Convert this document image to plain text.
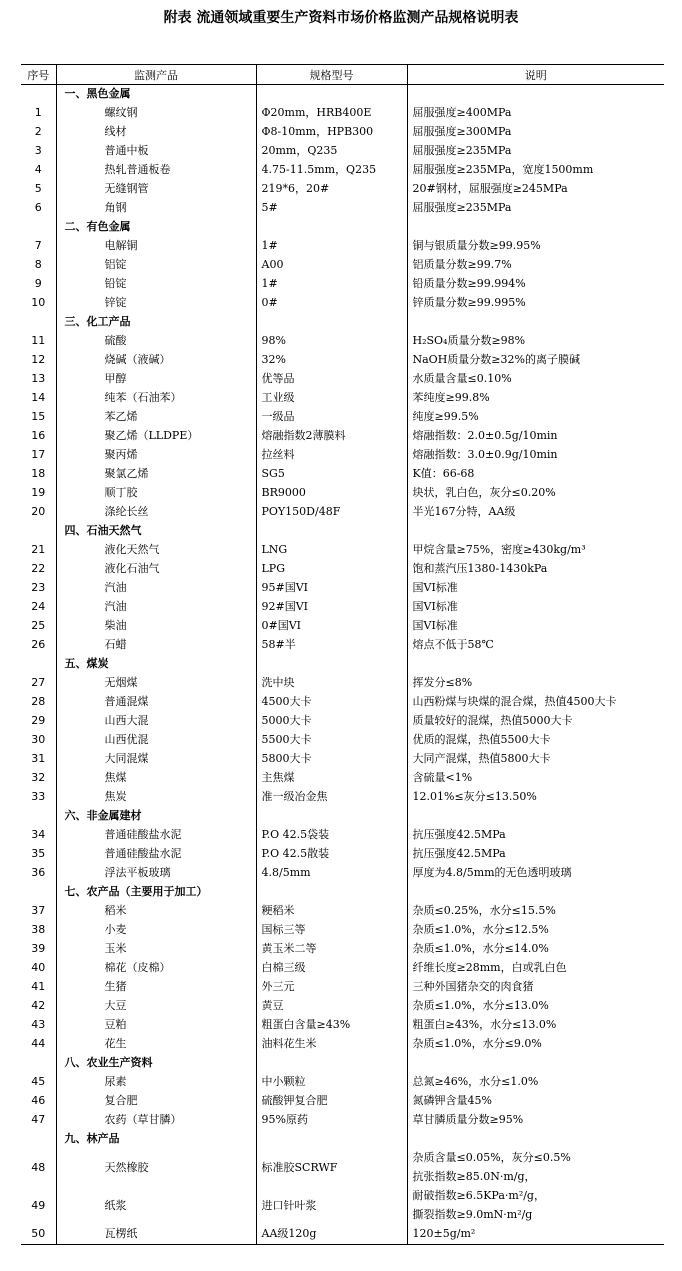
附表 流通领域重要生产资料市场价格监测产品规格说明表
序号	监测产品	规格型号	说明
	一、黑色金属		
1	螺纹钢	Φ20mm，HRB400E	屈服强度≥400MPa

2	线材	Φ8-10mm，HPB300	屈服强度≥300MPa

3	普通中板	20mm，Q235	屈服强度≥235MPa

4	热轧普通板卷	4.75-11.5mm，Q235	屈服强度≥235MPa，宽度1500mm

5	无缝钢管	219*6，20#	20#钢材，屈服强度≥245MPa

6	角钢	5#	屈服强度≥235MPa

	二、有色金属		
7	电解铜	1#	铜与银质量分数≥99.95%

8	铝锭	A00	铝质量分数≥99.7%

9	铅锭	1#	铅质量分数≥99.994%

10	锌锭	0#	锌质量分数≥99.995%

	三、化工产品		
11	硫酸	98%	H₂SO₄质量分数≥98%

12	烧碱（液碱）	32%	NaOH质量分数≥32%的离子膜碱

13	甲醇	优等品	水质量含量≤0.10%

14	纯苯（石油苯）	工业级	苯纯度≥99.8%

15	苯乙烯	一级品	纯度≥99.5%

16	聚乙烯（LLDPE）	熔融指数2薄膜料	熔融指数：2.0±0.5g/10min

17	聚丙烯	拉丝料	熔融指数：3.0±0.9g/10min

18	聚氯乙烯	SG5	K值：66-68

19	顺丁胶	BR9000	块状，乳白色，灰分≤0.20%

20	涤纶长丝	POY150D/48F	半光167分特，AA级

	四、石油天然气		
21	液化天然气	LNG	甲烷含量≥75%，密度≥430kg/m³

22	液化石油气	LPG	饱和蒸汽压1380-1430kPa

23	汽油	95#国VI	国VI标准

24	汽油	92#国VI	国VI标准

25	柴油	0#国VI	国VI标准

26	石蜡	58#半	熔点不低于58℃

	五、煤炭		
27	无烟煤	洗中块	挥发分≤8%

28	普通混煤	4500大卡	山西粉煤与块煤的混合煤，热值4500大卡

29	山西大混	5000大卡	质量较好的混煤，热值5000大卡

30	山西优混	5500大卡	优质的混煤，热值5500大卡

31	大同混煤	5800大卡	大同产混煤，热值5800大卡

32	焦煤	主焦煤	含硫量<1%

33	焦炭	准一级冶金焦	12.01%≤灰分≤13.50%

	六、非金属建材		
34	普通硅酸盐水泥	P.O 42.5袋装	抗压强度42.5MPa

35	普通硅酸盐水泥	P.O 42.5散装	抗压强度42.5MPa

36	浮法平板玻璃	4.8/5mm	厚度为4.8/5mm的无色透明玻璃

	七、农产品（主要用于加工）		
37	稻米	粳稻米	杂质≤0.25%，水分≤15.5%

38	小麦	国标三等	杂质≤1.0%，水分≤12.5%

39	玉米	黄玉米二等	杂质≤1.0%，水分≤14.0%

40	棉花（皮棉）	白棉三级	纤维长度≥28mm，白或乳白色

41	生猪	外三元	三种外国猪杂交的肉食猪

42	大豆	黄豆	杂质≤1.0%，水分≤13.0%

43	豆粕	粗蛋白含量≥43%	粗蛋白≥43%，水分≤13.0%

44	花生	油料花生米	杂质≤1.0%，水分≤9.0%

	八、农业生产资料		
45	尿素	中小颗粒	总氮≥46%，水分≤1.0%

46	复合肥	硫酸钾复合肥	氮磷钾含量45%

47	农药（草甘膦）	95%原药	草甘膦质量分数≥95%

	九、林产品		
48	天然橡胶	标准胶SCRWF	杂质含量≤0.05%，灰分≤0.5%
抗张指数≥85.0N·m/g，

49	纸浆	进口针叶浆	耐破指数≥6.5KPa·m²/g，
撕裂指数≥9.0mN·m²/g

50	瓦楞纸	AA级120g	120±5g/m²
